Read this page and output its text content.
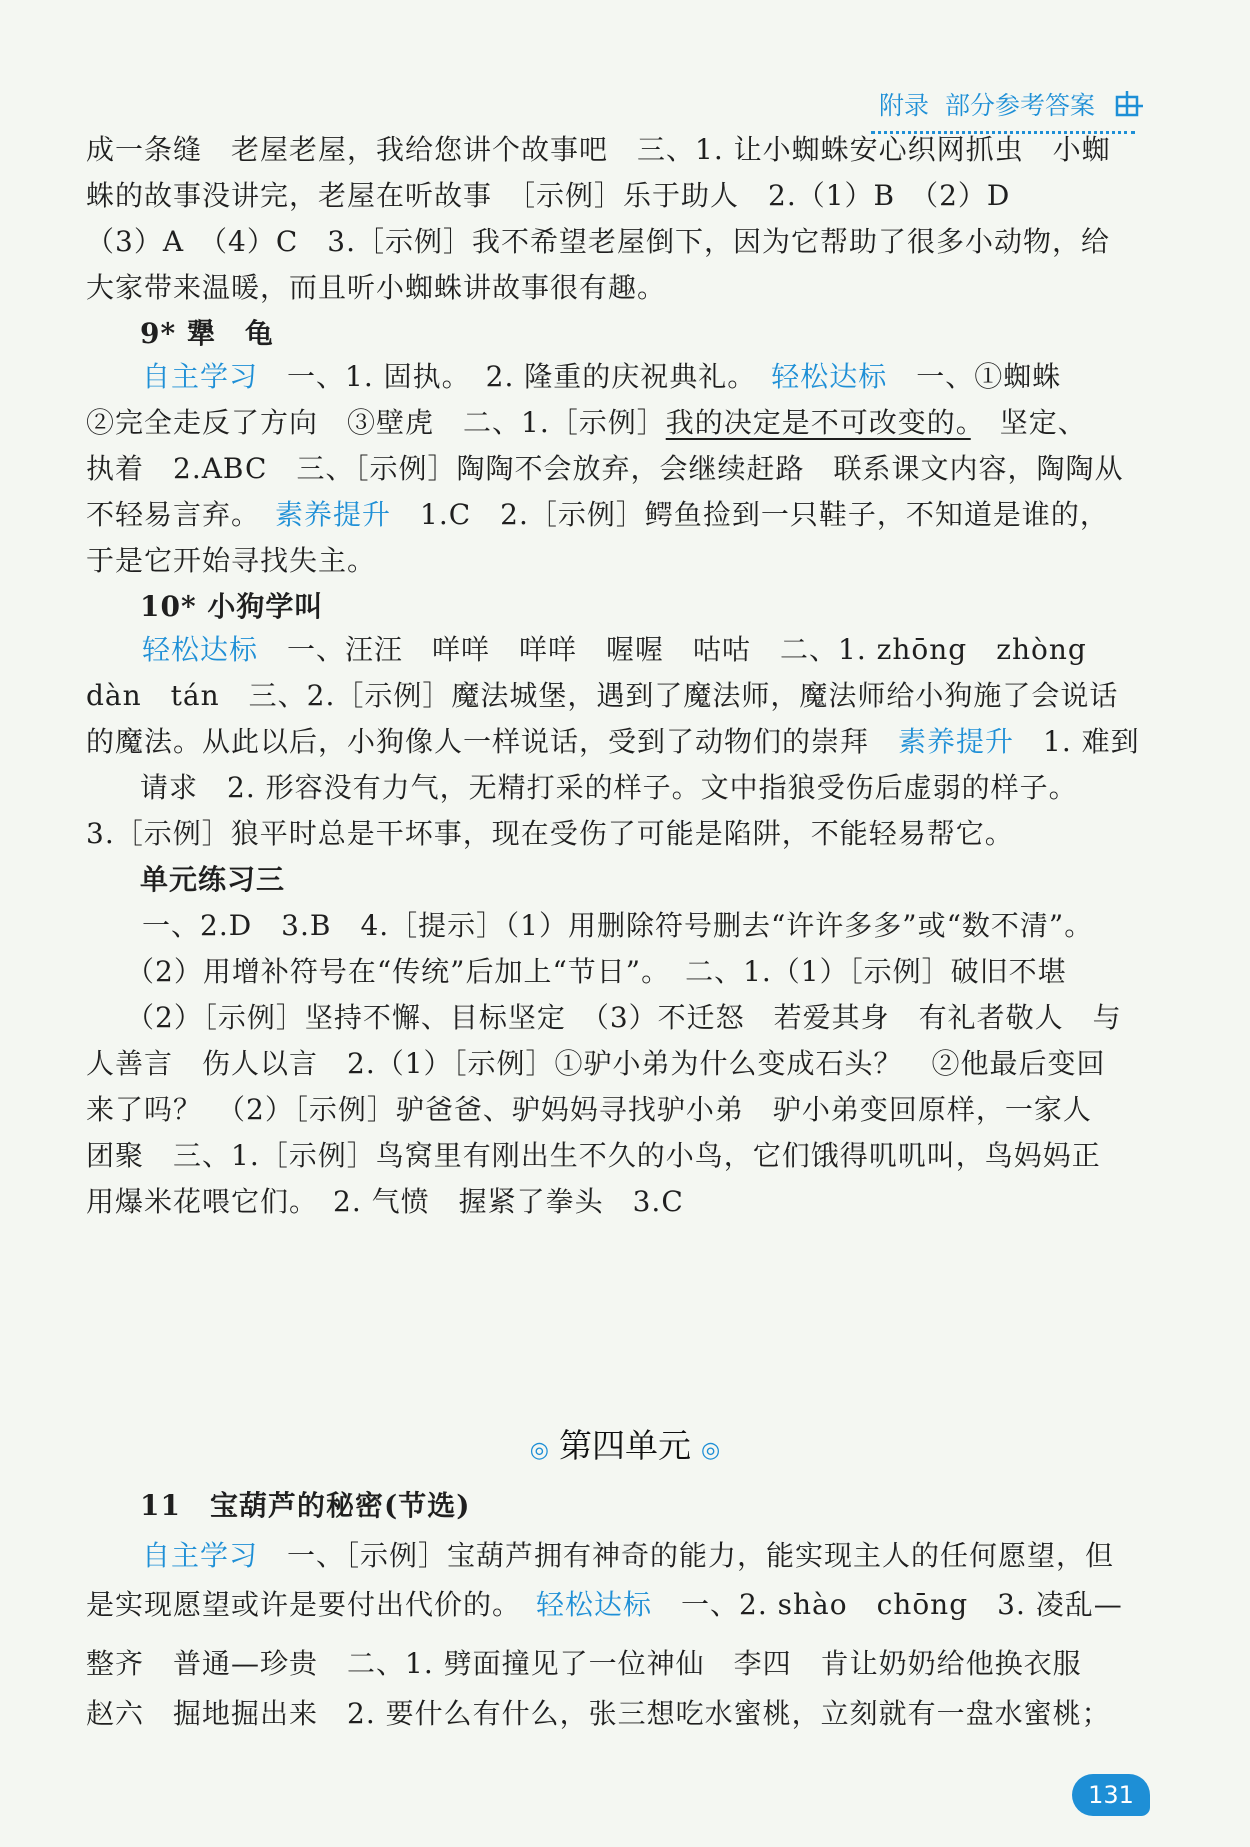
附录 部分参考答案
成一条缝　老屋老屋，我给您讲个故事吧　三、1. 让小蜘蛛安心织网抓虫　小蜘
蛛的故事没讲完，老屋在听故事　［示例］乐于助人　2.（1）B　（2）D
（3）A　（4）C　3.［示例］我不希望老屋倒下，因为它帮助了很多小动物，给
大家带来温暖，而且听小蜘蛛讲故事很有趣。
9* 犟　龟
自主学习　一、1. 固执。　2. 隆重的庆祝典礼。　轻松达标　一、①蜘蛛
②完全走反了方向　③壁虎　二、1.［示例］我的决定是不可改变的。　坚定、
执着　2.ABC　三、［示例］陶陶不会放弃，会继续赶路　联系课文内容，陶陶从
不轻易言弃。　素养提升　1.C　2.［示例］鳄鱼捡到一只鞋子，不知道是谁的，
于是它开始寻找失主。
10* 小狗学叫
轻松达标　一、汪汪　咩咩　咩咩　喔喔　咕咕　二、1. zhōng　zhòng
dàn　tán　三、2.［示例］魔法城堡，遇到了魔法师，魔法师给小狗施了会说话
的魔法。从此以后，小狗像人一样说话，受到了动物们的崇拜　素养提升　1. 难到
请求　2. 形容没有力气，无精打采的样子。文中指狼受伤后虚弱的样子。
3.［示例］狼平时总是干坏事，现在受伤了可能是陷阱，不能轻易帮它。
单元练习三
一、2.D　3.B　4.［提示］（1）用删除符号删去“许许多多”或“数不清”。
（2）用增补符号在“传统”后加上“节日”。　二、1.（1）［示例］破旧不堪
（2）［示例］坚持不懈、目标坚定　（3）不迁怒　若爱其身　有礼者敬人　与
人善言　伤人以言　2.（1）［示例］①驴小弟为什么变成石头？　②他最后变回
来了吗？　（2）［示例］驴爸爸、驴妈妈寻找驴小弟　驴小弟变回原样，一家人
团聚　三、1.［示例］鸟窝里有刚出生不久的小鸟，它们饿得叽叽叫，鸟妈妈正
用爆米花喂它们。　2. 气愤　握紧了拳头　3.C
◎ 第四单元 ◎
11　宝葫芦的秘密(节选)
自主学习　一、［示例］宝葫芦拥有神奇的能力，能实现主人的任何愿望，但
是实现愿望或许是要付出代价的。　轻松达标　一、2. shào　chōng　3. 凌乱—
整齐　普通—珍贵　二、1. 劈面撞见了一位神仙　李四　肯让奶奶给他换衣服
赵六　掘地掘出来　2. 要什么有什么，张三想吃水蜜桃，立刻就有一盘水蜜桃；
131
